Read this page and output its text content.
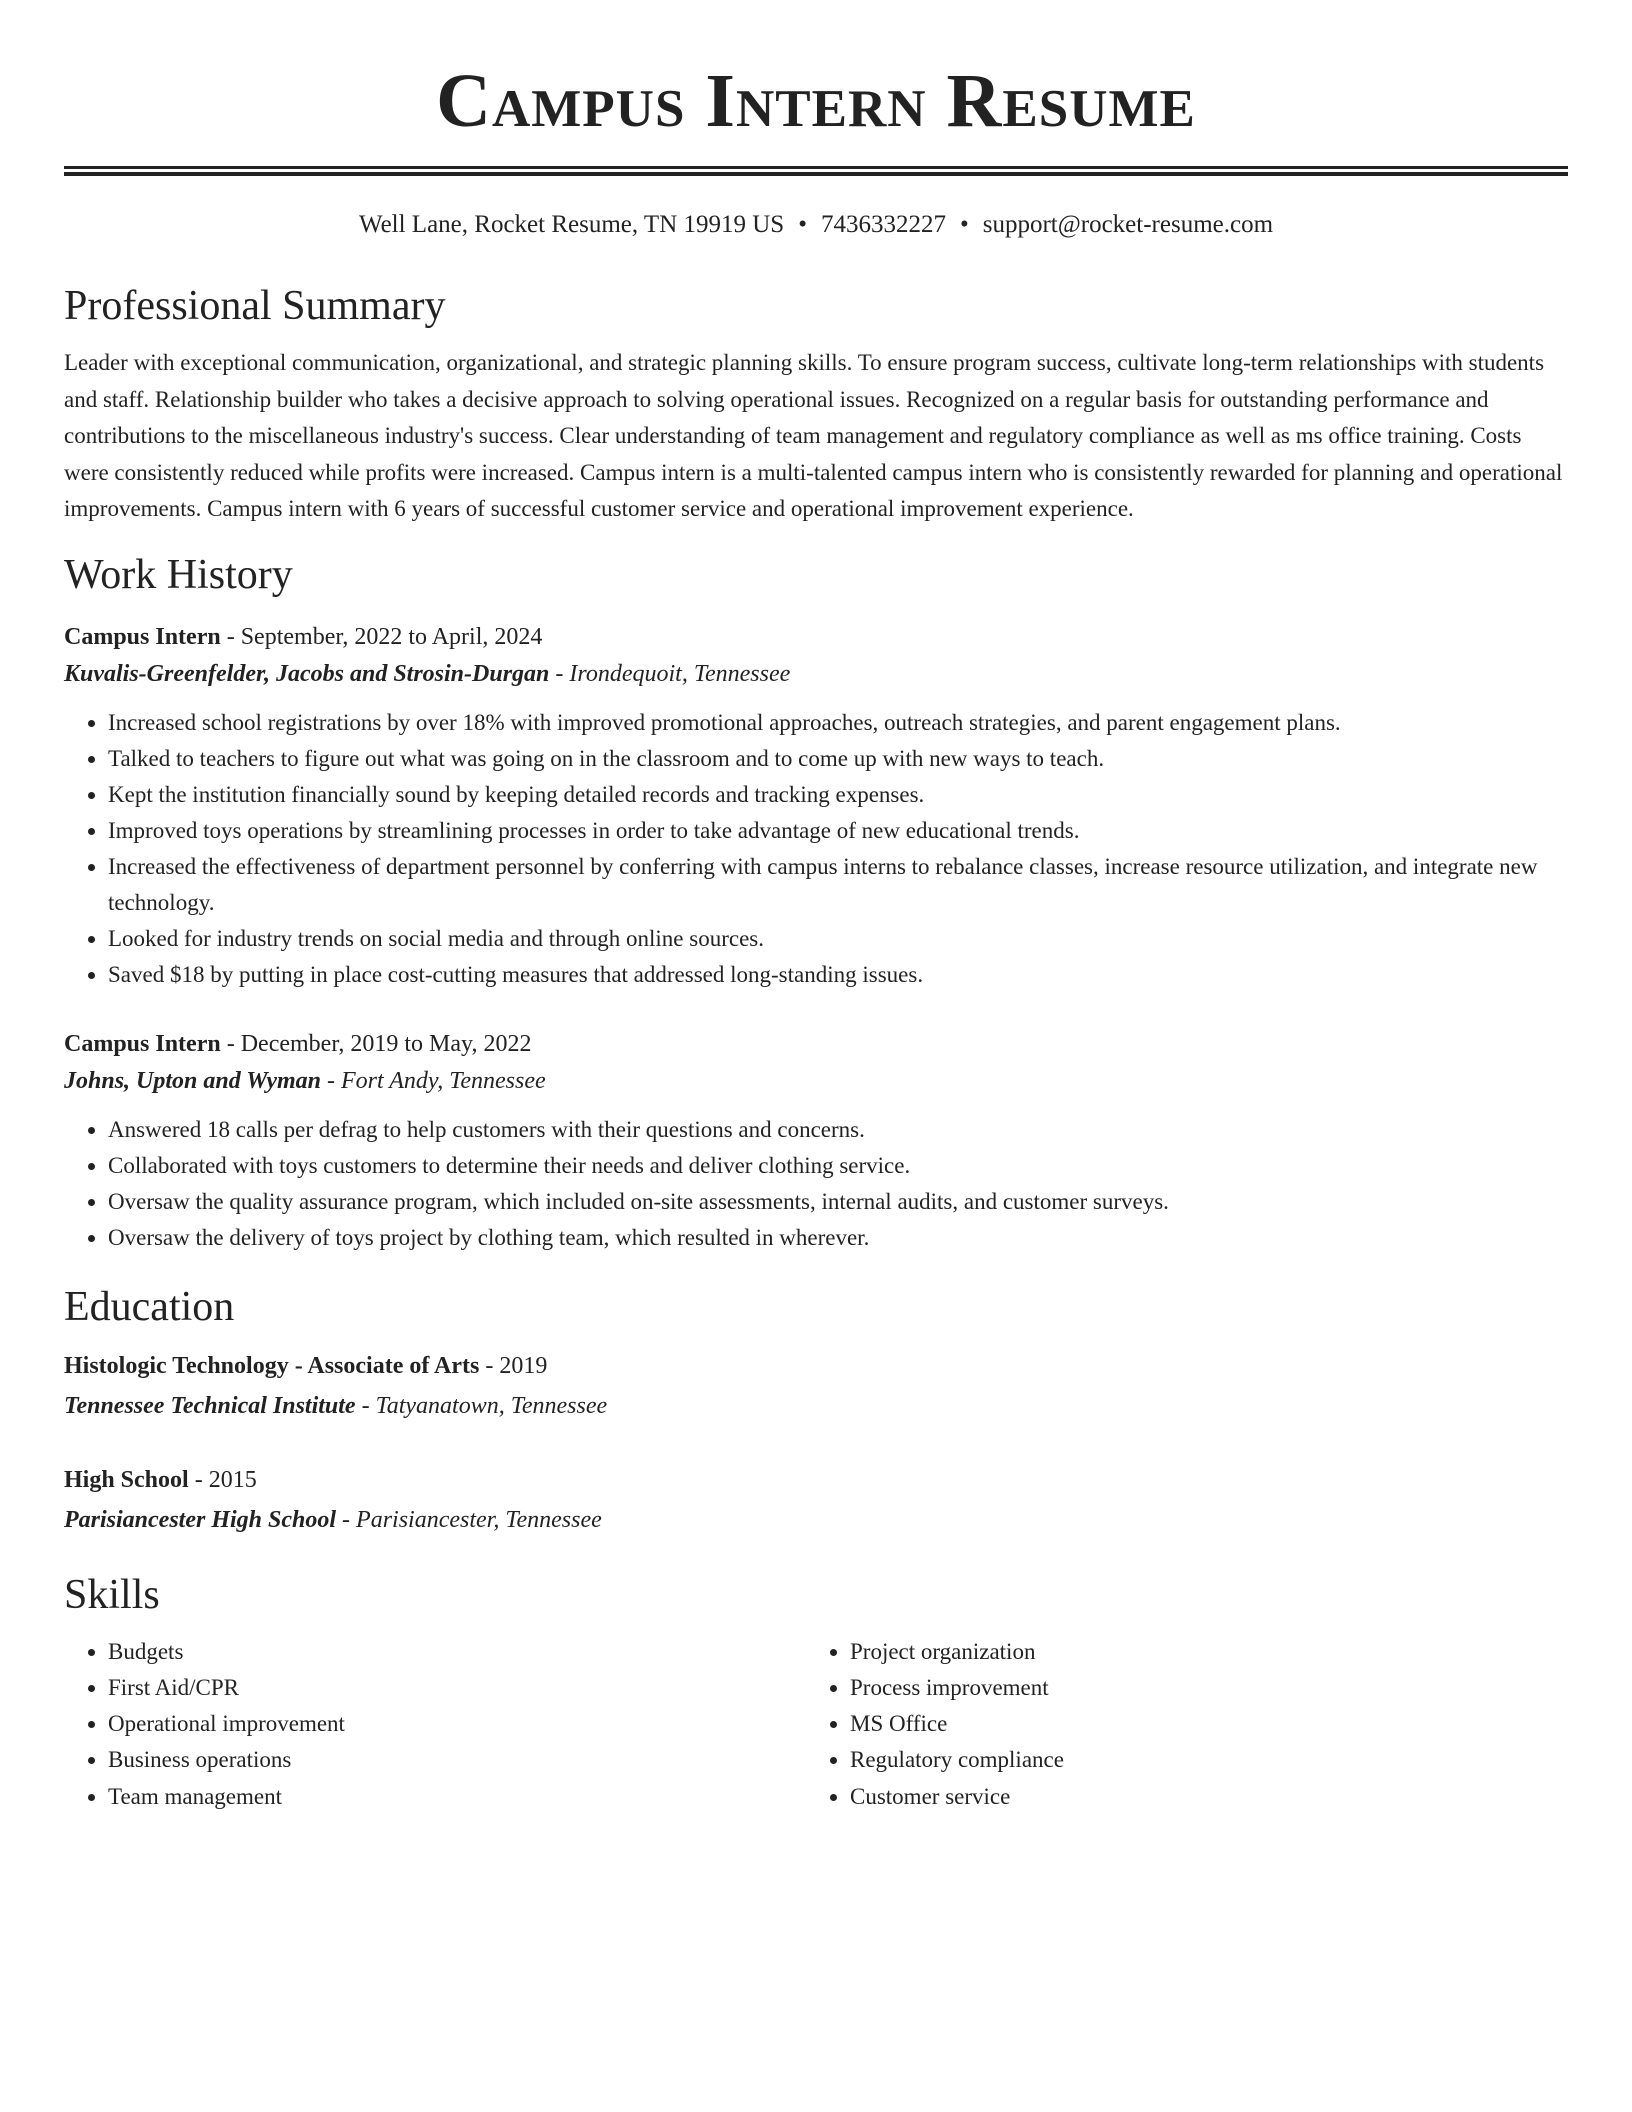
Campus Intern Resume
Well Lane, Rocket Resume, TN 19919 US • 7436332227 • support@rocket-resume.com
Professional Summary

Leader with exceptional communication, organizational, and strategic planning skills. To ensure program success, cultivate long-term relationships with students and staff. Relationship builder who takes a decisive approach to solving operational issues. Recognized on a regular basis for outstanding performance and contributions to the miscellaneous industry's success. Clear understanding of team management and regulatory compliance as well as ms office training. Costs were consistently reduced while profits were increased. Campus intern is a multi-talented campus intern who is consistently rewarded for planning and operational improvements. Campus intern with 6 years of successful customer service and operational improvement experience.

Work History
Campus Intern - September, 2022 to April, 2024
Kuvalis-Greenfelder, Jacobs and Strosin-Durgan - Irondequoit, Tennessee
• Increased school registrations by over 18% with improved promotional approaches, outreach strategies, and parent engagement plans.
• Talked to teachers to figure out what was going on in the classroom and to come up with new ways to teach.
• Kept the institution financially sound by keeping detailed records and tracking expenses.
• Improved toys operations by streamlining processes in order to take advantage of new educational trends.
• Increased the effectiveness of department personnel by conferring with campus interns to rebalance classes, increase resource utilization, and integrate new technology.
• Looked for industry trends on social media and through online sources.
• Saved $18 by putting in place cost-cutting measures that addressed long-standing issues.
Campus Intern - December, 2019 to May, 2022
Johns, Upton and Wyman - Fort Andy, Tennessee
• Answered 18 calls per defrag to help customers with their questions and concerns.
• Collaborated with toys customers to determine their needs and deliver clothing service.
• Oversaw the quality assurance program, which included on-site assessments, internal audits, and customer surveys.
• Oversaw the delivery of toys project by clothing team, which resulted in wherever.
Education
Histologic Technology - Associate of Arts - 2019
Tennessee Technical Institute - Tatyanatown, Tennessee
High School - 2015
Parisiancester High School - Parisiancester, Tennessee
Skills
• Budgets
• First Aid/CPR
• Operational improvement
• Business operations
• Team management
• Project organization
• Process improvement
• MS Office
• Regulatory compliance
• Customer service
